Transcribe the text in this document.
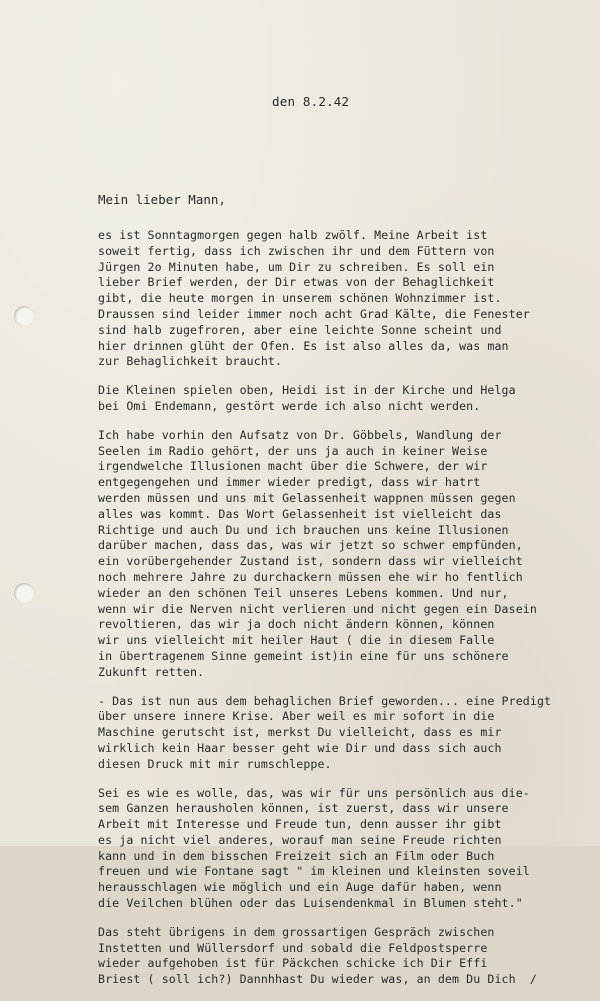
den 8.2.42
Mein lieber Mann,
es ist Sonntagmorgen gegen halb zwölf. Meine Arbeit ist
soweit fertig, dass ich zwischen ihr und dem Füttern von
Jürgen 2o Minuten habe, um Dir zu schreiben. Es soll ein
lieber Brief werden, der Dir etwas von der Behaglichkeit
gibt, die heute morgen in unserem schönen Wohnzimmer ist.
Draussen sind leider immer noch acht Grad Kälte, die Fenester
sind halb zugefroren, aber eine leichte Sonne scheint und
hier drinnen glüht der Ofen. Es ist also alles da, was man
zur Behaglichkeit braucht.
Die Kleinen spielen oben, Heidi ist in der Kirche und Helga
bei Omi Endemann, gestört werde ich also nicht werden.
Ich habe vorhin den Aufsatz von Dr. Göbbels, Wandlung der
Seelen im Radio gehört, der uns ja auch in keiner Weise
irgendwelche Illusionen macht über die Schwere, der wir
entgegengehen und immer wieder predigt, dass wir hatrt
werden müssen und uns mit Gelassenheit wappnen müssen gegen
alles was kommt. Das Wort Gelassenheit ist vielleicht das
Richtige und auch Du und ich brauchen uns keine Illusionen
darüber machen, dass das, was wir jetzt so schwer empfünden,
ein vorübergehender Zustand ist, sondern dass wir vielleicht
noch mehrere Jahre zu durchackern müssen ehe wir ho fentlich
wieder an den schönen Teil unseres Lebens kommen. Und nur,
wenn wir die Nerven nicht verlieren und nicht gegen ein Dasein
revoltieren, das wir ja doch nicht ändern können, können
wir uns vielleicht mit heiler Haut ( die in diesem Falle
in übertragenem Sinne gemeint ist)in eine für uns schönere
Zukunft retten.
- Das ist nun aus dem behaglichen Brief geworden... eine Predigt
über unsere innere Krise. Aber weil es mir sofort in die
Maschine gerutscht ist, merkst Du vielleicht, dass es mir
wirklich kein Haar besser geht wie Dir und dass sich auch
diesen Druck mit mir rumschleppe.
Sei es wie es wolle, das, was wir für uns persönlich aus die-
sem Ganzen herausholen können, ist zuerst, dass wir unsere
Arbeit mit Interesse und Freude tun, denn ausser ihr gibt
es ja nicht viel anderes, worauf man seine Freude richten
kann und in dem bisschen Freizeit sich an Film oder Buch
freuen und wie Fontane sagt " im kleinen und kleinsten soveil
herausschlagen wie möglich und ein Auge dafür haben, wenn
die Veilchen blühen oder das Luisendenkmal in Blumen steht."
Das steht übrigens in dem grossartigen Gespräch zwischen
Instetten und Wüllersdorf und sobald die Feldpostsperre
wieder aufgehoben ist für Päckchen schicke ich Dir Effi
Briest ( soll ich?) Dannhhast Du wieder was, an dem Du Dich  /
